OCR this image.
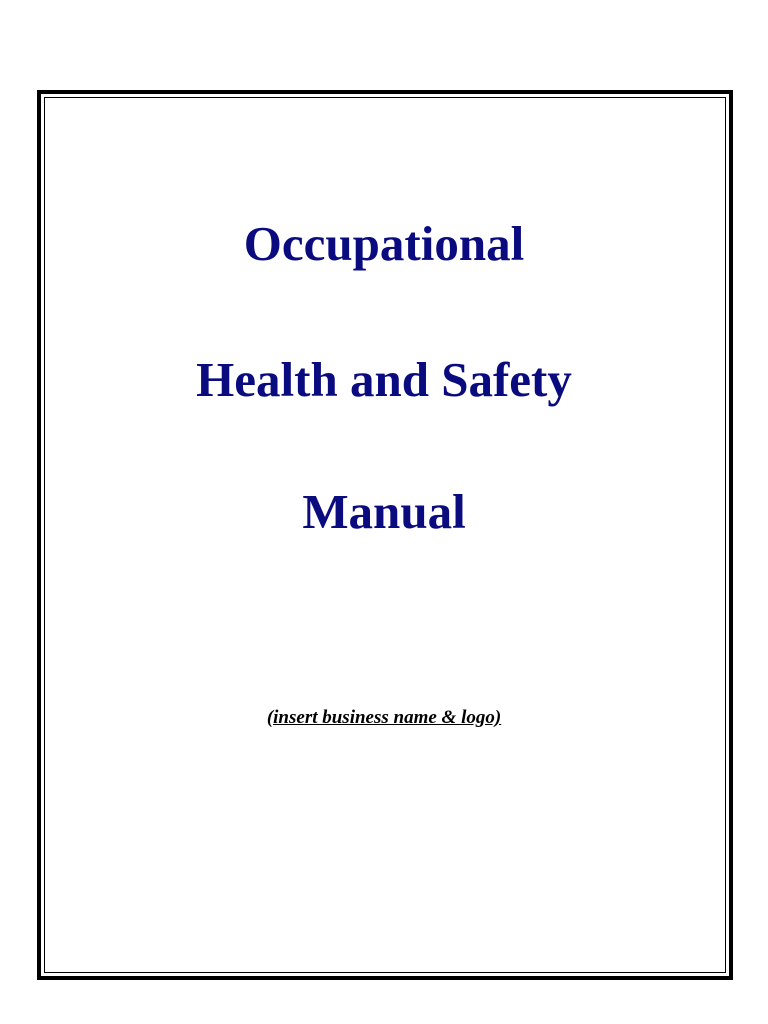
Occupational
Health and Safety
Manual
(insert business name & logo)
